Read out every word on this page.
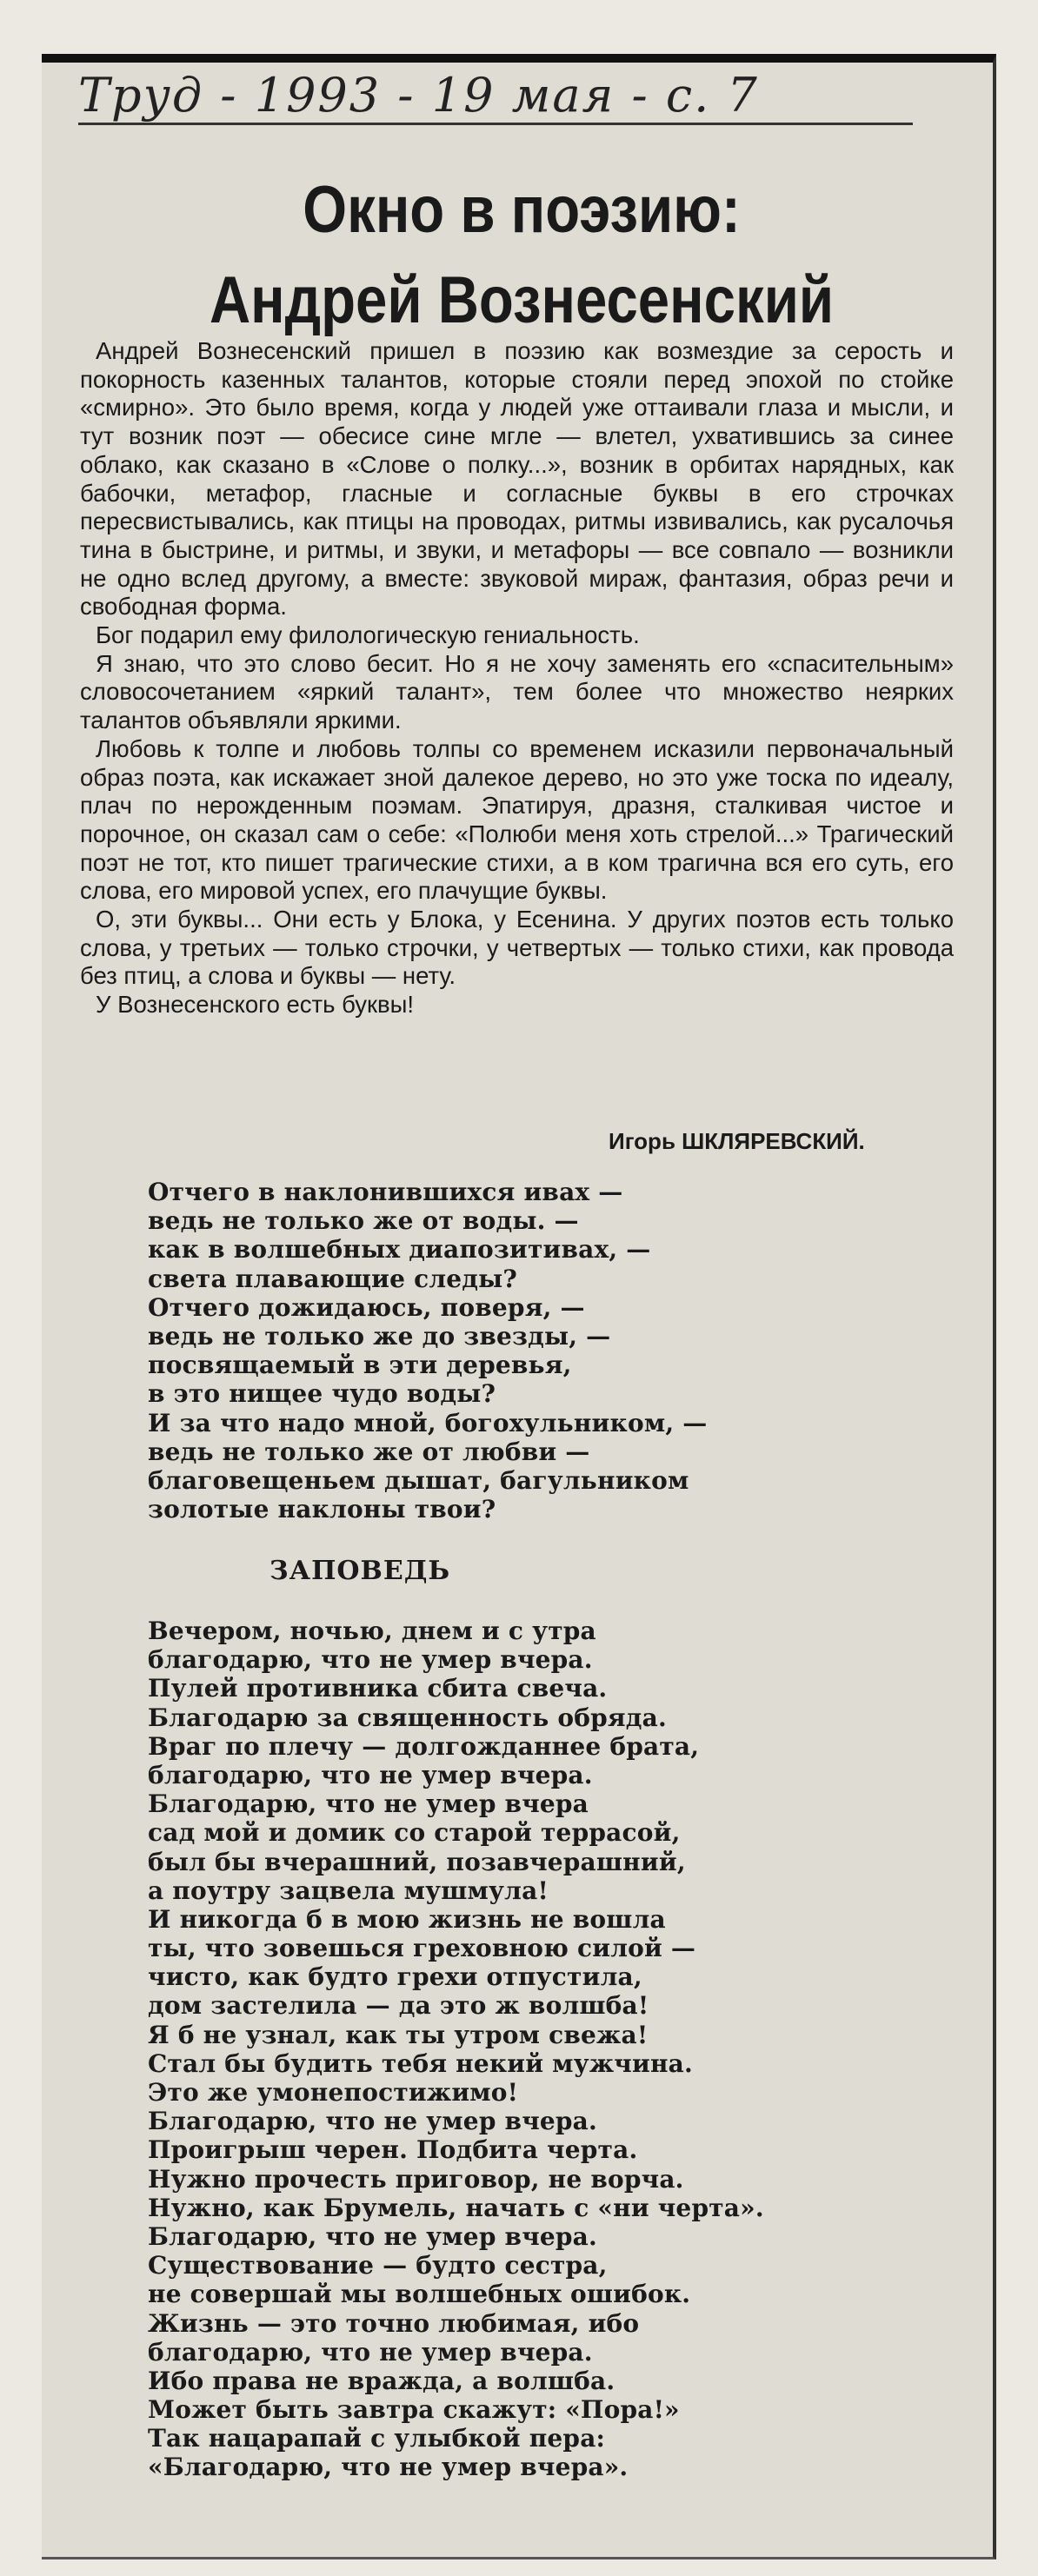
Труд - 1993 - 19 мая - с. 7
Окно в поэзию:
Андрей Вознесенский

Андрей Вознесенский пришел в поэзию как возмездие за серость и покорность казенных талантов, которые стояли перед эпохой по стойке «смирно». Это было время, когда у людей уже оттаивали глаза и мысли, и тут возник поэт — обесисе сине мгле — влетел, ухватившись за синее облако, как сказано в «Слове о полку...», возник в орбитах нарядных, как бабочки, метафор, гласные и согласные буквы в его строчках пересвистывались, как птицы на проводах, ритмы извивались, как русалочья тина в быстрине, и ритмы, и звуки, и метафоры — все совпало — возникли не одно вслед другому, а вместе: звуковой мираж, фантазия, образ речи и свободная форма.

Бог подарил ему филологическую гениальность.

Я знаю, что это слово бесит. Но я не хочу заменять его «спасительным» словосочетанием «яркий талант», тем более что множество неярких талантов объявляли яркими.

Любовь к толпе и любовь толпы со временем исказили первоначальный образ поэта, как искажает зной далекое дерево, но это уже тоска по идеалу, плач по нерожденным поэмам. Эпатируя, дразня, сталкивая чистое и порочное, он сказал сам о себе: «Полюби меня хоть стрелой...» Трагический поэт не тот, кто пишет трагические стихи, а в ком трагична вся его суть, его слова, его мировой успех, его плачущие буквы.

О, эти буквы... Они есть у Блока, у Есенина. У других поэтов есть только слова, у третьих — только строчки, у четвертых — только стихи, как провода без птиц, а слова и буквы — нету.

У Вознесенского есть буквы!

Игорь ШКЛЯРЕВСКИЙ.
Отчего в наклонившихся ивах —
ведь не только же от воды. —
как в волшебных диапозитивах, —
света плавающие следы?
Отчего дожидаюсь, поверя, —
ведь не только же до звезды, —
посвящаемый в эти деревья,
в это нищее чудо воды?
И за что надо мной, богохульником, —
ведь не только же от любви —
благовещеньем дышат, багульником
золотые наклоны твои?
ЗАПОВЕДЬ
Вечером, ночью, днем и с утра
благодарю, что не умер вчера.
Пулей противника сбита свеча.
Благодарю за священность обряда.
Враг по плечу — долгожданнее брата,
благодарю, что не умер вчера.
Благодарю, что не умер вчера
сад мой и домик со старой террасой,
был бы вчерашний, позавчерашний,
а поутру зацвела мушмула!
И никогда б в мою жизнь не вошла
ты, что зовешься греховною силой —
чисто, как будто грехи отпустила,
дом застелила — да это ж волшба!
Я б не узнал, как ты утром свежа!
Стал бы будить тебя некий мужчина.
Это же умонепостижимо!
Благодарю, что не умер вчера.
Проигрыш черен. Подбита черта.
Нужно прочесть приговор, не ворча.
Нужно, как Брумель, начать с «ни черта».
Благодарю, что не умер вчера.
Существование — будто сестра,
не совершай мы волшебных ошибок.
Жизнь — это точно любимая, ибо
благодарю, что не умер вчера.
Ибо права не вражда, а волшба.
Может быть завтра скажут: «Пора!»
Так нацарапай с улыбкой пера:
«Благодарю, что не умер вчера».
